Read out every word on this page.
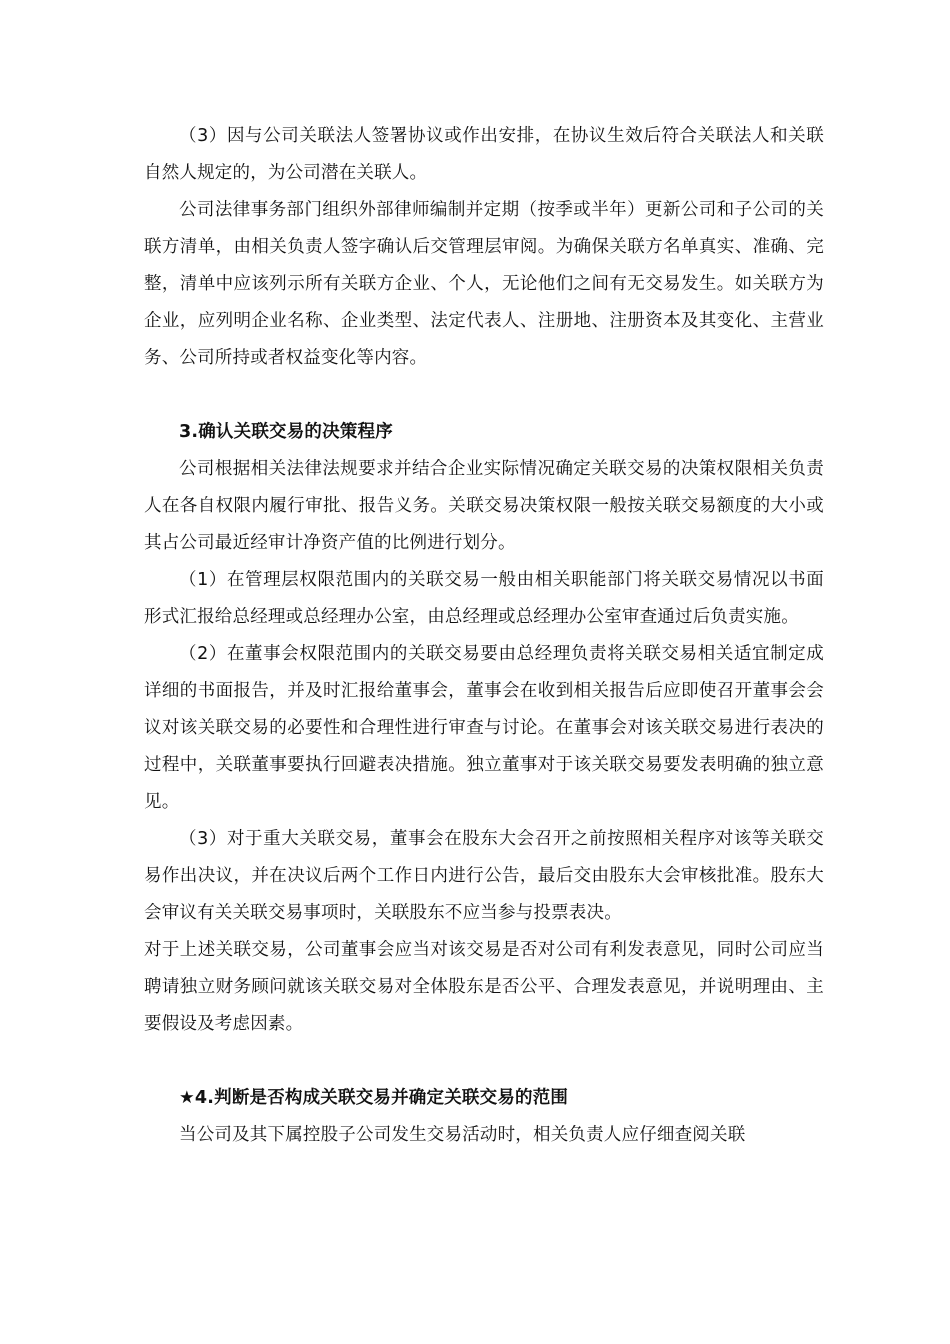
（3）因与公司关联法人签署协议或作出安排，在协议生效后符合关联法人和关联自然人规定的，为公司潜在关联人。

公司法律事务部门组织外部律师编制并定期（按季或半年）更新公司和子公司的关联方清单，由相关负责人签字确认后交管理层审阅。为确保关联方名单真实、准确、完整，清单中应该列示所有关联方企业、个人，无论他们之间有无交易发生。如关联方为企业，应列明企业名称、企业类型、法定代表人、注册地、注册资本及其变化、主营业务、公司所持或者权益变化等内容。

3.确认关联交易的决策程序

公司根据相关法律法规要求并结合企业实际情况确定关联交易的决策权限相关负责人在各自权限内履行审批、报告义务。关联交易决策权限一般按关联交易额度的大小或其占公司最近经审计净资产值的比例进行划分。

（1）在管理层权限范围内的关联交易一般由相关职能部门将关联交易情况以书面形式汇报给总经理或总经理办公室，由总经理或总经理办公室审查通过后负责实施。

（2）在董事会权限范围内的关联交易要由总经理负责将关联交易相关适宜制定成详细的书面报告，并及时汇报给董事会，董事会在收到相关报告后应即使召开董事会会议对该关联交易的必要性和合理性进行审查与讨论。在董事会对该关联交易进行表决的过程中，关联董事要执行回避表决措施。独立董事对于该关联交易要发表明确的独立意见。

（3）对于重大关联交易，董事会在股东大会召开之前按照相关程序对该等关联交易作出决议，并在决议后两个工作日内进行公告，最后交由股东大会审核批准。股东大会审议有关关联交易事项时，关联股东不应当参与投票表决。

对于上述关联交易，公司董事会应当对该交易是否对公司有利发表意见，同时公司应当聘请独立财务顾问就该关联交易对全体股东是否公平、合理发表意见，并说明理由、主要假设及考虑因素。

★4.判断是否构成关联交易并确定关联交易的范围

当公司及其下属控股子公司发生交易活动时，相关负责人应仔细查阅关联
